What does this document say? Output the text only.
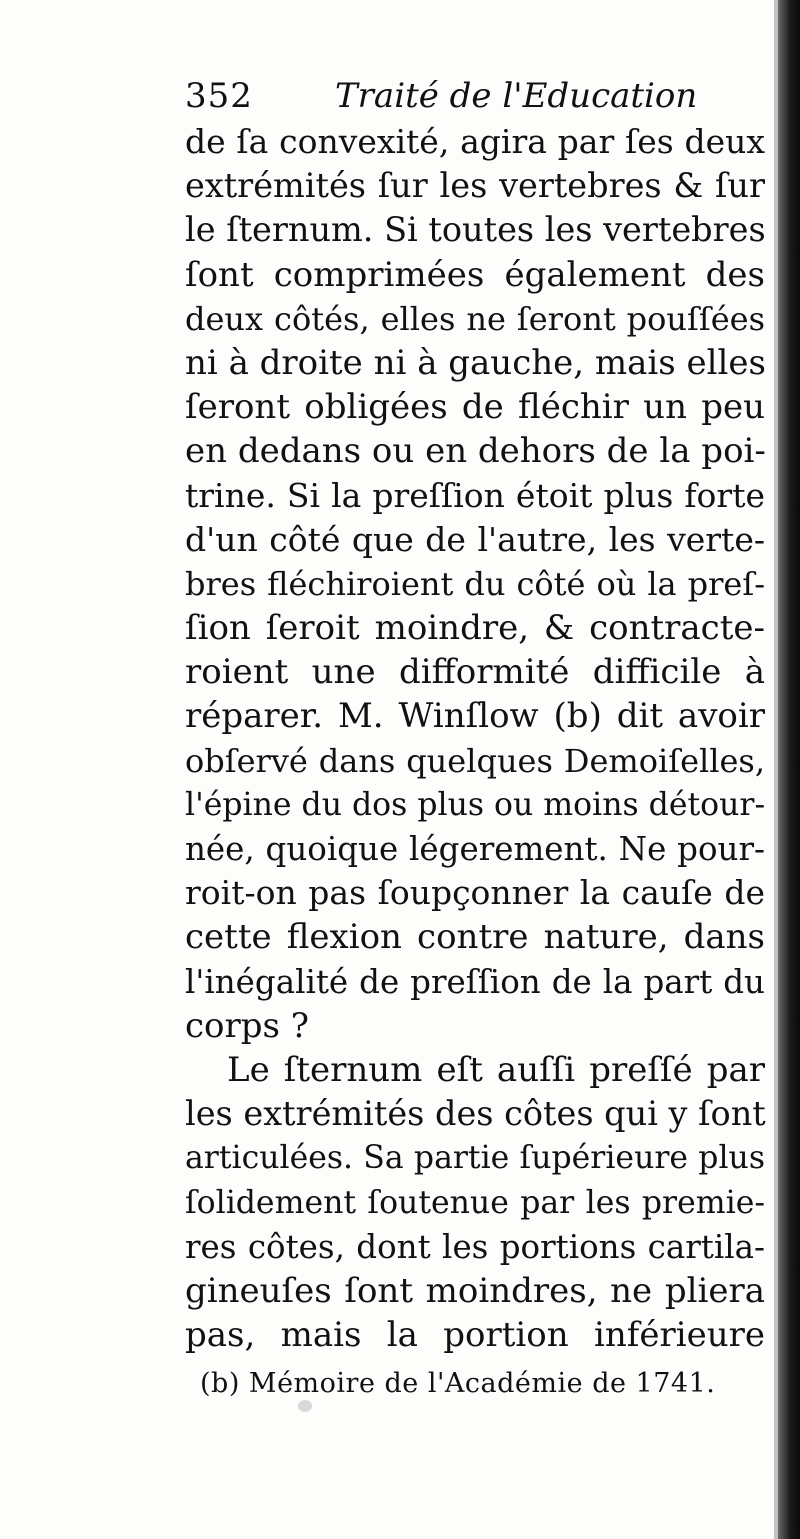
352 Traité de l'Education
de ſa convexité, agira par ſes deux
extrémités ſur les vertebres & ſur
le ſternum. Si toutes les vertebres
ſont comprimées également des
deux côtés, elles ne ſeront pouſſées
ni à droite ni à gauche, mais elles
ſeront obligées de fléchir un peu
en dedans ou en dehors de la poi-
trine. Si la preſſion étoit plus forte
d'un côté que de l'autre, les verte-
bres fléchiroient du côté où la preſ-
ſion ſeroit moindre, & contracte-
roient une difformité difficile à
réparer. M. Winſlow (b) dit avoir
obſervé dans quelques Demoiſelles,
l'épine du dos plus ou moins détour-
née, quoique légerement. Ne pour-
roit-on pas ſoupçonner la cauſe de
cette flexion contre nature, dans
l'inégalité de preſſion de la part du
corps ?
Le ſternum eſt auſſi preſſé par
les extrémités des côtes qui y ſont
articulées. Sa partie ſupérieure plus
ſolidement ſoutenue par les premie-
res côtes, dont les portions cartila-
gineuſes ſont moindres, ne pliera
pas, mais la portion inférieure
(b) Mémoire de l'Académie de 1741.
